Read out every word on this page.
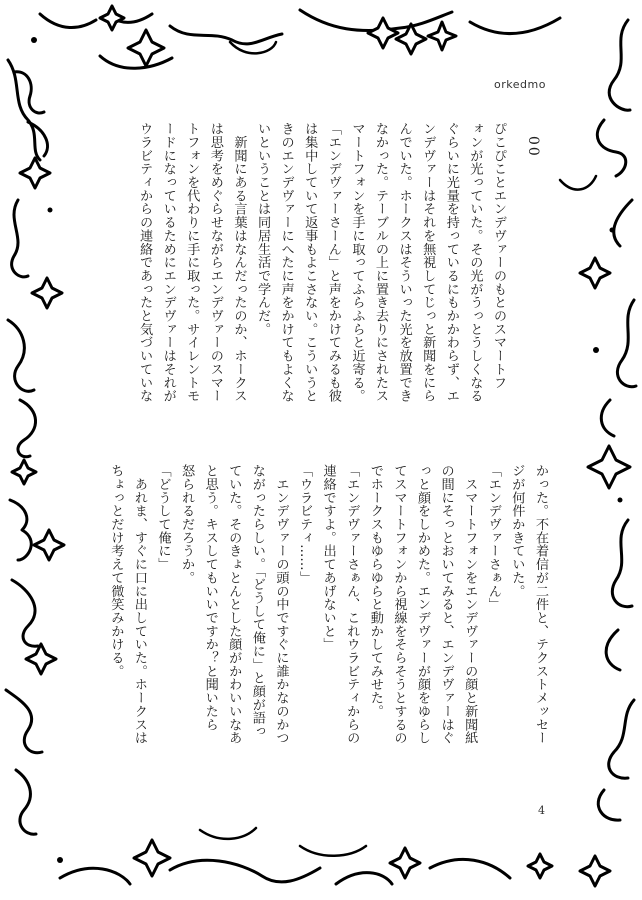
orkedmo
00

ぴこぴことエンデヴァーのもとのスマートフ

ォンが光っていた。その光がうっとうしくなる

ぐらいに光量を持っているにもかかわらず、エ

ンデヴァーはそれを無視してじっと新聞をにら

んでいた。ホークスはそういった光を放置でき

なかった。テーブルの上に置き去りにされたス

マートフォンを手に取ってふらふらと近寄る。

「エンデヴァーさーん」と声をかけてみるも彼

は集中していて返事もよこさない。こういうと

きのエンデヴァーにへたに声をかけてもよくな

いということは同居生活で学んだ。

　新聞にある言葉はなんだったのか、ホークス

は思考をめぐらせながらエンデヴァーのスマー

トフォンを代わりに手に取った。サイレントモ

ードになっているためにエンデヴァーはそれが

ウラビティからの連絡であったと気づいていな

かった。不在着信が二件と、テクストメッセー

ジが何件かきていた。

「エンデヴァーさぁん」

　スマートフォンをエンデヴァーの顔と新聞紙

の間にそっとおいてみると、エンデヴァーはぐ

っと顔をしかめた。エンデヴァーが顔をゆらし

てスマートフォンから視線をそらそうとするの

でホークスもゆらゆらと動かしてみせた。

「エンデヴァーさぁん、これウラビティからの

連絡ですよ。出てあげないと」

「ウラビティ……」

　エンデヴァーの頭の中ですぐに誰かなのかつ

ながったらしい。「どうして俺に」と顔が語っ

ていた。そのきょとんとした顔がかわいいなあ

と思う。キスしてもいいですか？と聞いたら

怒られるだろうか。

「どうして俺に」

　あれま、すぐに口に出していた。ホークスは

ちょっとだけ考えて微笑みかける。

4
